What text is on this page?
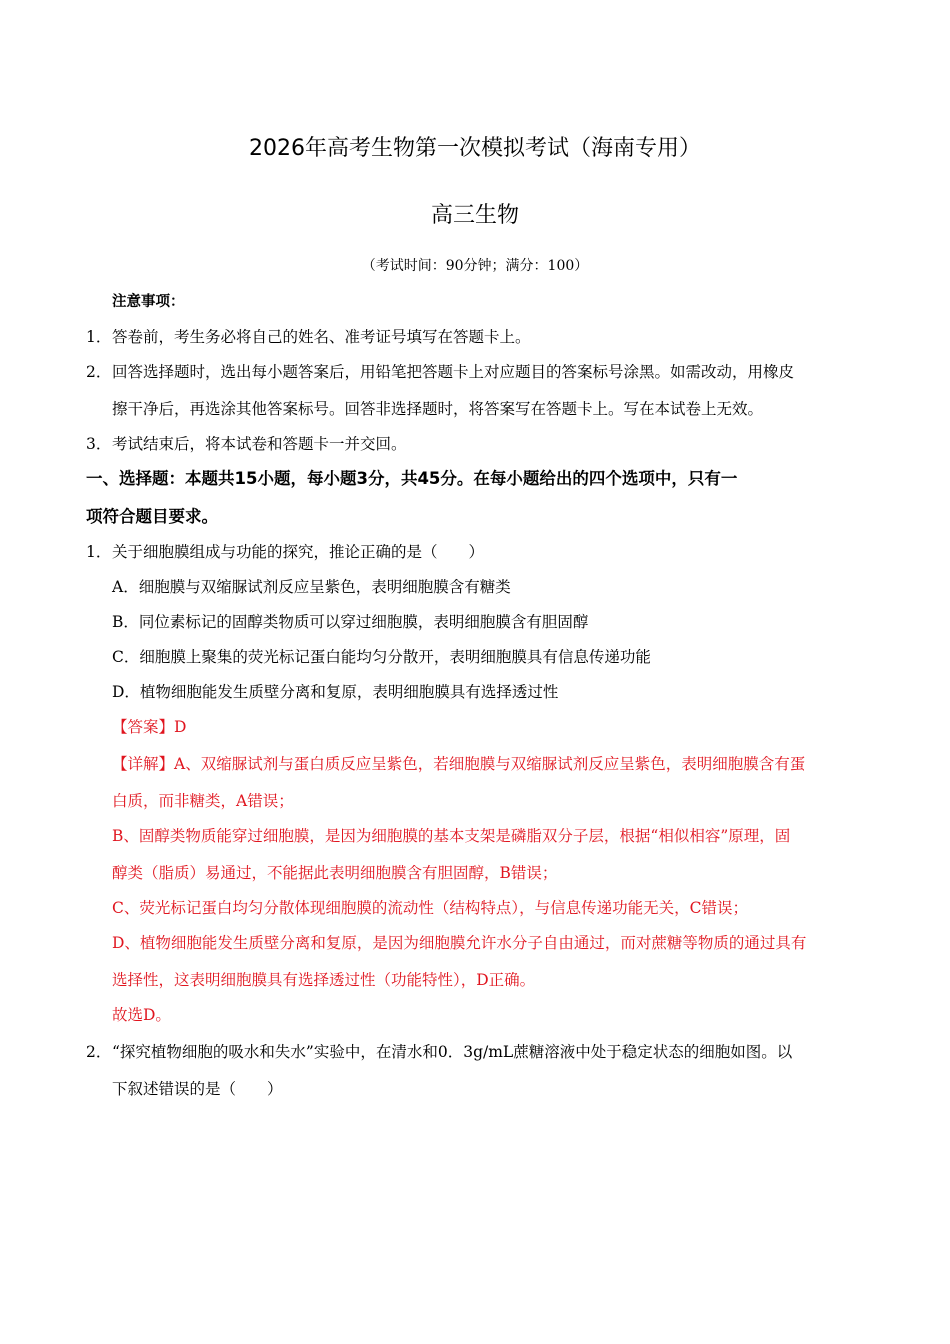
2026年高考生物第一次模拟考试（海南专用）
高三生物
（考试时间：90分钟；满分：100）
注意事项：
1．答卷前，考生务必将自己的姓名、准考证号填写在答题卡上。
2．回答选择题时，选出每小题答案后，用铅笔把答题卡上对应题目的答案标号涂黑。如需改动，用橡皮
擦干净后，再选涂其他答案标号。回答非选择题时，将答案写在答题卡上。写在本试卷上无效。
3．考试结束后，将本试卷和答题卡一并交回。
一、选择题：本题共15小题，每小题3分，共45分。在每小题给出的四个选项中，只有一
项符合题目要求。
1．关于细胞膜组成与功能的探究，推论正确的是（　　）
A．细胞膜与双缩脲试剂反应呈紫色，表明细胞膜含有糖类
B．同位素标记的固醇类物质可以穿过细胞膜，表明细胞膜含有胆固醇
C．细胞膜上聚集的荧光标记蛋白能均匀分散开，表明细胞膜具有信息传递功能
D．植物细胞能发生质壁分离和复原，表明细胞膜具有选择透过性
【答案】D
【详解】A、双缩脲试剂与蛋白质反应呈紫色，若细胞膜与双缩脲试剂反应呈紫色，表明细胞膜含有蛋
白质，而非糖类，A错误；
B、固醇类物质能穿过细胞膜，是因为细胞膜的基本支架是磷脂双分子层，根据“相似相容”原理，固
醇类（脂质）易通过，不能据此表明细胞膜含有胆固醇，B错误；
C、荧光标记蛋白均匀分散体现细胞膜的流动性（结构特点），与信息传递功能无关，C错误；
D、植物细胞能发生质壁分离和复原，是因为细胞膜允许水分子自由通过，而对蔗糖等物质的通过具有
选择性，这表明细胞膜具有选择透过性（功能特性），D正确。
故选D。
2．“探究植物细胞的吸水和失水”实验中，在清水和0．3g/mL蔗糖溶液中处于稳定状态的细胞如图。以
下叙述错误的是（　　）
